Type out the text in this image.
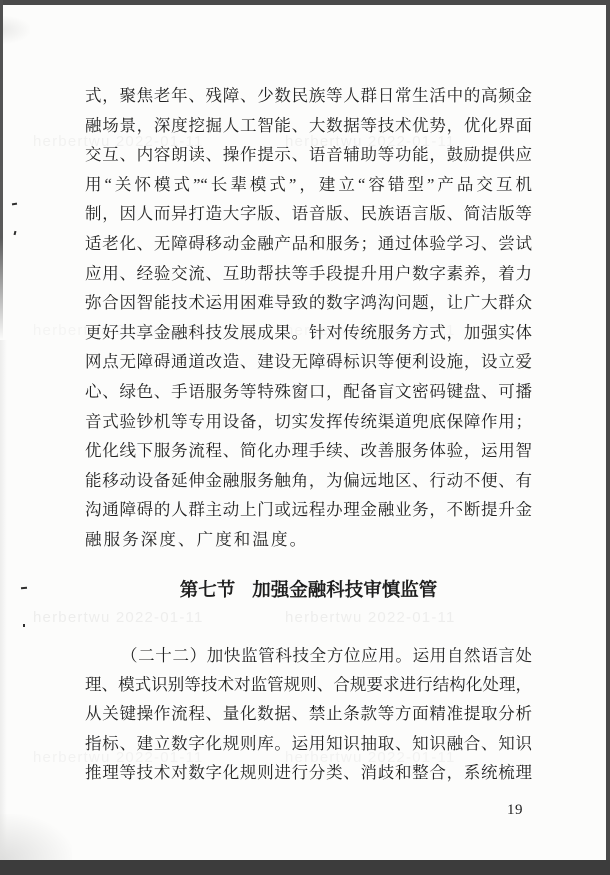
herbertwu 2022-01-11	herbertwu 2022-01-11
herbertwu 2022-01-11	herbertwu 2022-01-11
herbertwu 2022-01-11	herbertwu 2022-01-11
式，聚焦老年、残障、少数民族等人群日常生活中的高频金
融场景，深度挖掘人工智能、大数据等技术优势，优化界面
交互、内容朗读、操作提示、语音辅助等功能，鼓励提供应
用“关怀模式”“长辈模式”，建立“容错型”产品交互机
制，因人而异打造大字版、语音版、民族语言版、简洁版等
适老化、无障碍移动金融产品和服务；通过体验学习、尝试
应用、经验交流、互助帮扶等手段提升用户数字素养，着力
弥合因智能技术运用困难导致的数字鸿沟问题，让广大群众
更好共享金融科技发展成果。针对传统服务方式，加强实体
网点无障碍通道改造、建设无障碍标识等便利设施，设立爱
心、绿色、手语服务等特殊窗口，配备盲文密码键盘、可播
音式验钞机等专用设备，切实发挥传统渠道兜底保障作用；
优化线下服务流程、简化办理手续、改善服务体验，运用智
能移动设备延伸金融服务触角，为偏远地区、行动不便、有
沟通障碍的人群主动上门或远程办理金融业务，不断提升金
融服务深度、广度和温度。
第七节 加强金融科技审慎监管
（二十二）加快监管科技全方位应用。运用自然语言处
理、模式识别等技术对监管规则、合规要求进行结构化处理，
从关键操作流程、量化数据、禁止条款等方面精准提取分析
指标、建立数字化规则库。运用知识抽取、知识融合、知识
推理等技术对数字化规则进行分类、消歧和整合，系统梳理
19
